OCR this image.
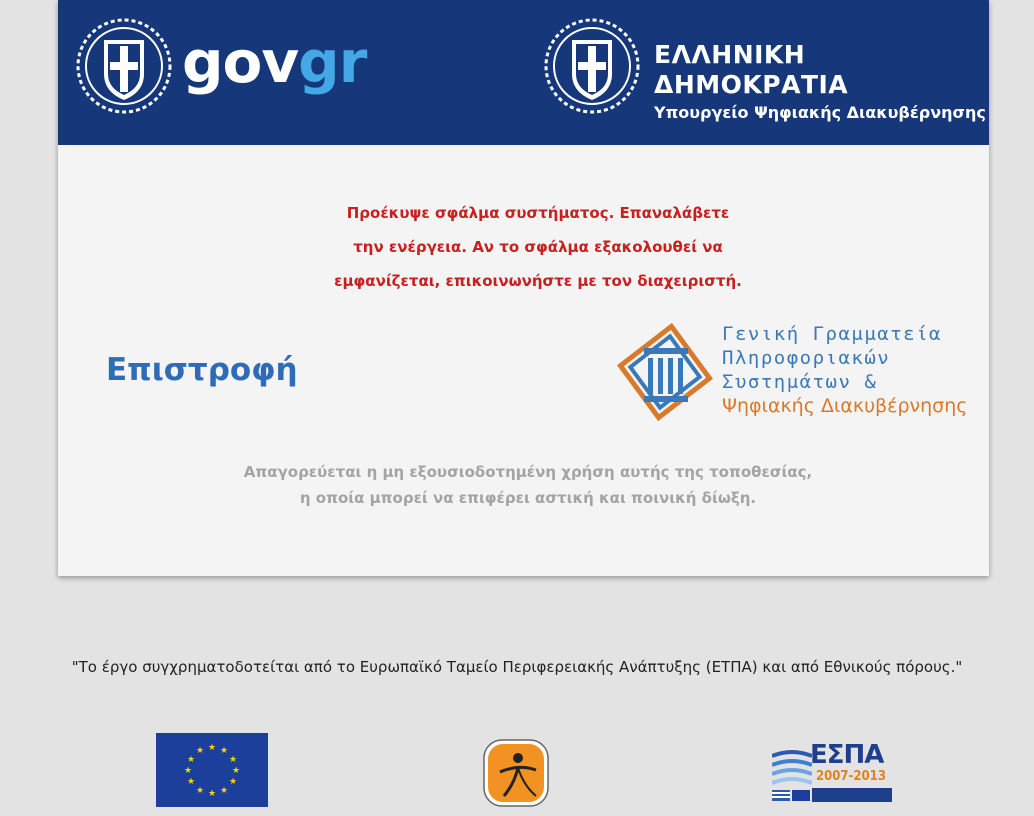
govgr	ΕΛΛΗΝΙΚΗ ΔΗΜΟΚΡΑΤΙΑ
Υπουργείο Ψηφιακής Διακυβέρνησης
Προέκυψε σφάλμα συστήματος. Επαναλάβετε
την ενέργεια. Αν το σφάλμα εξακολουθεί να
εμφανίζεται, επικοινωνήστε με τον διαχειριστή.
Επιστροφή
Γενική Γραμματεία
Πληροφοριακών
Συστημάτων &
Ψηφιακής Διακυβέρνησης
Απαγορεύεται η μη εξουσιοδοτημένη χρήση αυτής της τοποθεσίας,
η οποία μπορεί να επιφέρει αστική και ποινική δίωξη.
"Το έργο συγχρηματοδοτείται από το Ευρωπαϊκό Ταμείο Περιφερειακής Ανάπτυξης (ΕΤΠΑ) και από Εθνικούς πόρους."
★ ★
★
★
★
★
★
★
★
★
★
★	ΕΣΠΑ
2007-2013
